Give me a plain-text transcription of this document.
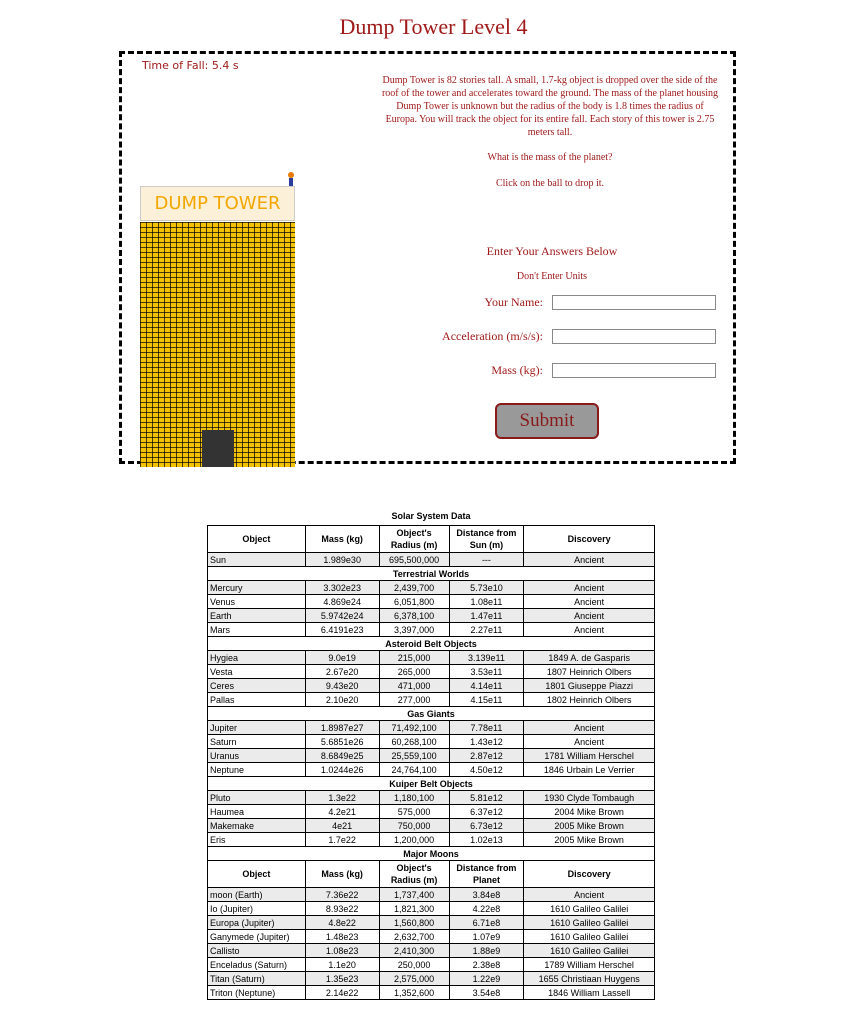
Dump Tower Level 4
Time of Fall: 5.4 s
Dump Tower is 82 stories tall. A small, 1.7-kg object is dropped over the side of the roof of the tower and accelerates toward the ground. The mass of the planet housing Dump Tower is unknown but the radius of the body is 1.8 times the radius of Europa. You will track the object for its entire fall. Each story of this tower is 2.75 meters tall.
What is the mass of the planet?
Click on the ball to drop it.
DUMP TOWER
Enter Your Answers Below
Don't Enter Units
Your Name:
Acceleration (m/s/s):
Mass (kg):
Submit
Solar System Data
Object	Mass (kg)	Object's Radius (m)	Distance from Sun (m)	Discovery
Sun	1.989e30	695,500,000	---	Ancient
Terrestrial Worlds				
Mercury	3.302e23	2,439,700	5.73e10	Ancient
Venus	4.869e24	6,051,800	1.08e11	Ancient
Earth	5.9742e24	6,378,100	1.47e11	Ancient
Mars	6.4191e23	3,397,000	2.27e11	Ancient
Asteroid Belt Objects				
Hygiea	9.0e19	215,000	3.139e11	1849 A. de Gasparis
Vesta	2.67e20	265,000	3.53e11	1807 Heinrich Olbers
Ceres	9.43e20	471,000	4.14e11	1801 Giuseppe Piazzi
Pallas	2.10e20	277,000	4.15e11	1802 Heinrich Olbers
Gas Giants				
Jupiter	1.8987e27	71,492,100	7.78e11	Ancient
Saturn	5.6851e26	60,268,100	1.43e12	Ancient
Uranus	8.6849e25	25,559,100	2.87e12	1781 William Herschel
Neptune	1.0244e26	24,764,100	4.50e12	1846 Urbain Le Verrier
Kuiper Belt Objects				
Pluto	1.3e22	1,180,100	5.81e12	1930 Clyde Tombaugh
Haumea	4.2e21	575,000	6.37e12	2004 Mike Brown
Makemake	4e21	750,000	6.73e12	2005 Mike Brown
Eris	1.7e22	1,200,000	1.02e13	2005 Mike Brown
Major Moons				
Object	Mass (kg)	Object's Radius (m)	Distance from Planet	Discovery
moon (Earth)	7.36e22	1,737,400	3.84e8	Ancient
Io (Jupiter)	8.93e22	1,821,300	4.22e8	1610 Galileo Galilei
Europa (Jupiter)	4.8e22	1,560,800	6.71e8	1610 Galileo Galilei
Ganymede (Jupiter)	1.48e23	2,632,700	1.07e9	1610 Galileo Galilei
Callisto	1.08e23	2,410,300	1.88e9	1610 Galileo Galilei
Enceladus (Saturn)	1.1e20	250,000	2.38e8	1789 William Herschel
Titan (Saturn)	1.35e23	2,575,000	1.22e9	1655 Christiaan Huygens
Triton (Neptune)	2.14e22	1,352,600	3.54e8	1846 William Lassell
